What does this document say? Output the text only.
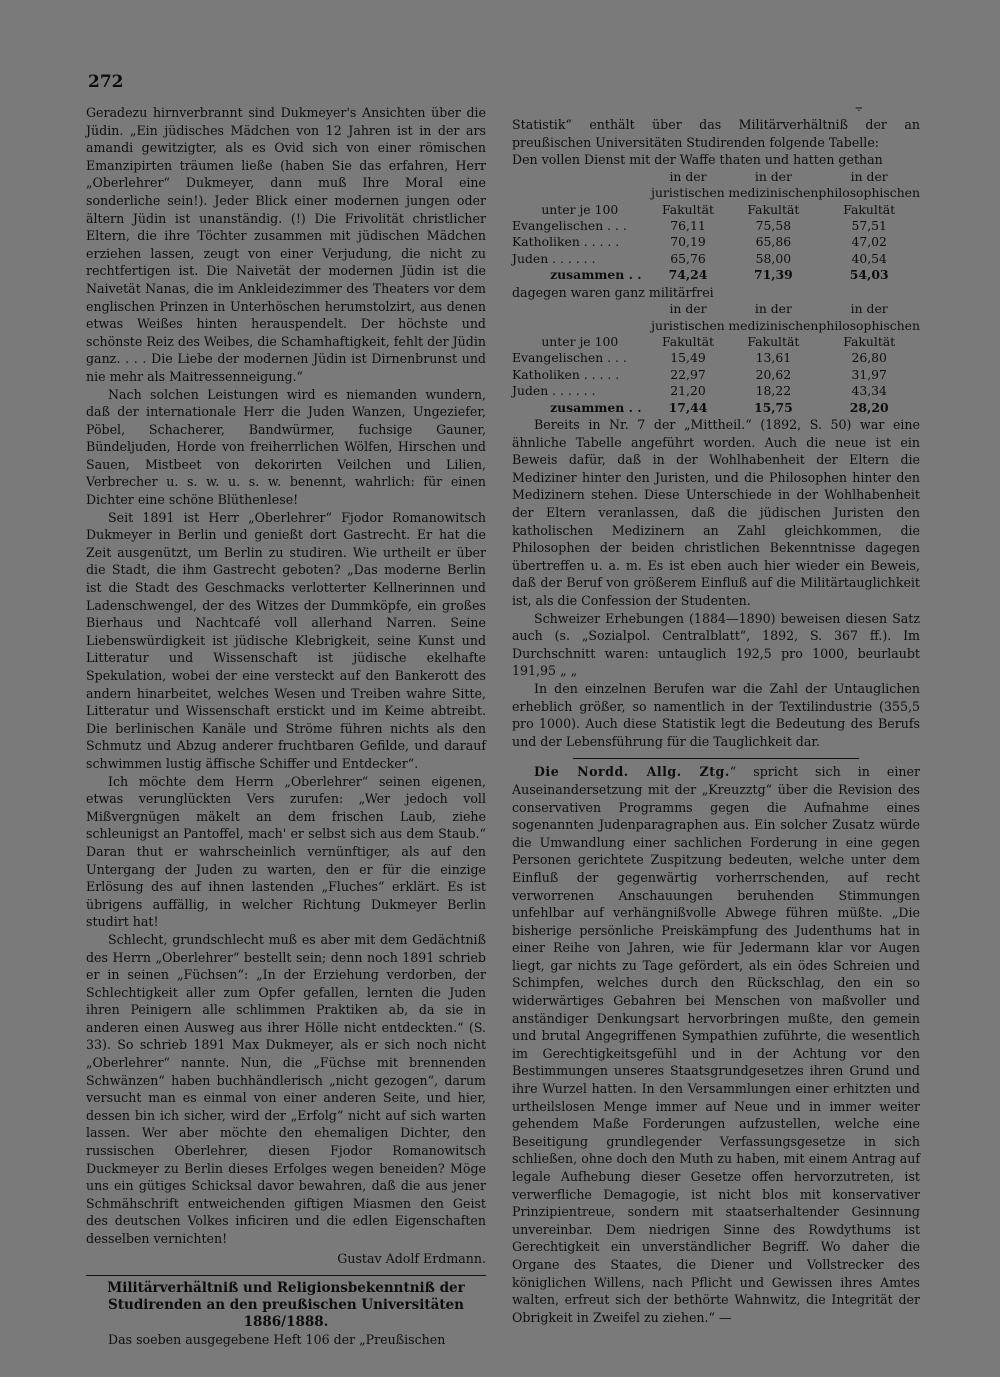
272
⨪

Geradezu hirnverbrannt sind Dukmeyer's Ansichten über die Jüdin. „Ein jüdisches Mädchen von 12 Jahren ist in der ars amandi gewitzigter, als es Ovid sich von einer römischen Emanzipirten träumen ließe (haben Sie das erfahren, Herr „Oberlehrer“ Dukmeyer, dann muß Ihre Moral eine sonderliche sein!). Jeder Blick einer modernen jungen oder ältern Jüdin ist unanständig. (!) Die Frivolität christlicher Eltern, die ihre Töchter zusammen mit jüdischen Mädchen erziehen lassen, zeugt von einer Verjudung, die nicht zu rechtfertigen ist. Die Naivetät der modernen Jüdin ist die Naivetät Nanas, die im Ankleidezimmer des Theaters vor dem englischen Prinzen in Unterhöschen herumstolzirt, aus denen etwas Weißes hinten herauspendelt. Der höchste und schönste Reiz des Weibes, die Schamhaftigkeit, fehlt der Jüdin ganz. . . . Die Liebe der modernen Jüdin ist Dirnenbrunst und nie mehr als Maitressenneigung.“

Nach solchen Leistungen wird es niemanden wundern, daß der internationale Herr die Juden Wanzen, Ungeziefer, Pöbel, Schacherer, Bandwürmer, fuchsige Gauner, Bündeljuden, Horde von freiherrlichen Wölfen, Hirschen und Sauen, Mistbeet von dekorirten Veilchen und Lilien, Verbrecher u. s. w. u. s. w. benennt, wahrlich: für einen Dichter eine schöne Blüthenlese!

Seit 1891 ist Herr „Oberlehrer“ Fjodor Romanowitsch Dukmeyer in Berlin und genießt dort Gastrecht. Er hat die Zeit ausgenützt, um Berlin zu studiren. Wie urtheilt er über die Stadt, die ihm Gastrecht geboten? „Das moderne Berlin ist die Stadt des Geschmacks verlotterter Kellnerinnen und Ladenschwengel, der des Witzes der Dummköpfe, ein großes Bierhaus und Nachtcafé voll allerhand Narren. Seine Liebenswürdigkeit ist jüdische Klebrigkeit, seine Kunst und Litteratur und Wissenschaft ist jüdische ekelhafte Spekulation, wobei der eine versteckt auf den Bankerott des andern hinarbeitet, welches Wesen und Treiben wahre Sitte, Litteratur und Wissenschaft erstickt und im Keime abtreibt. Die berlinischen Kanäle und Ströme führen nichts als den Schmutz und Abzug anderer fruchtbaren Gefilde, und darauf schwimmen lustig äffische Schiffer und Entdecker“.

Ich möchte dem Herrn „Oberlehrer“ seinen eigenen, etwas verunglückten Vers zurufen: „Wer jedoch voll Mißvergnügen mäkelt an dem frischen Laub, ziehe schleunigst an Pantoffel, mach' er selbst sich aus dem Staub.“ Daran thut er wahrscheinlich vernünftiger, als auf den Untergang der Juden zu warten, den er für die einzige Erlösung des auf ihnen lastenden „Fluches“ erklärt. Es ist übrigens auffällig, in welcher Richtung Dukmeyer Berlin studirt hat!

Schlecht, grundschlecht muß es aber mit dem Gedächtniß des Herrn „Oberlehrer“ bestellt sein; denn noch 1891 schrieb er in seinen „Füchsen“: „In der Erziehung verdorben, der Schlechtigkeit aller zum Opfer gefallen, lernten die Juden ihren Peinigern alle schlimmen Praktiken ab, da sie in anderen einen Ausweg aus ihrer Hölle nicht entdeckten.“ (S. 33). So schrieb 1891 Max Dukmeyer, als er sich noch nicht „Oberlehrer“ nannte. Nun, die „Füchse mit brennenden Schwänzen“ haben buchhändlerisch „nicht gezogen“, darum versucht man es einmal von einer anderen Seite, und hier, dessen bin ich sicher, wird der „Erfolg“ nicht auf sich warten lassen. Wer aber möchte den ehemaligen Dichter, den russischen Oberlehrer, diesen Fjodor Romanowitsch Duckmeyer zu Berlin dieses Erfolges wegen beneiden? Möge uns ein gütiges Schicksal davor bewahren, daß die aus jener Schmähschrift entweichenden giftigen Miasmen den Geist des deutschen Volkes inficiren und die edlen Eigenschaften desselben vernichten!

Gustav Adolf Erdmann.

Militärverhältniß und Religionsbekenntniß der Studirenden an den preußischen Universitäten 1886/1888.

Das soeben ausgegebene Heft 106 der „Preußischen

Statistik“ enthält über das Militärverhältniß der an preußischen Universitäten Studirenden folgende Tabelle:

Den vollen Dienst mit der Waffe thaten und hatten gethan

unter je 100	in der juristischen Fakultät	in der medizinischen Fakultät	in der philosophischen Fakultät
Evangelischen . . .	76,11	75,58	57,51
Katholiken . . . . .	70,19	65,86	47,02
Juden . . . . . .	65,76	58,00	40,54
zusammen . .	74,24	71,39	54,03

dagegen waren ganz militärfrei

unter je 100	in der juristischen Fakultät	in der medizinischen Fakultät	in der philosophischen Fakultät
Evangelischen . . .	15,49	13,61	26,80
Katholiken . . . . .	22,97	20,62	31,97
Juden . . . . . .	21,20	18,22	43,34
zusammen . .	17,44	15,75	28,20

Bereits in Nr. 7 der „Mittheil.“ (1892, S. 50) war eine ähnliche Tabelle angeführt worden. Auch die neue ist ein Beweis dafür, daß in der Wohlhabenheit der Eltern die Mediziner hinter den Juristen, und die Philosophen hinter den Medizinern stehen. Diese Unterschiede in der Wohlhabenheit der Eltern veranlassen, daß die jüdischen Juristen den katholischen Medizinern an Zahl gleichkommen, die Philosophen der beiden christlichen Bekenntnisse dagegen übertreffen u. a. m. Es ist eben auch hier wieder ein Beweis, daß der Beruf von größerem Einfluß auf die Militärtauglichkeit ist, als die Confession der Studenten.

Schweizer Erhebungen (1884—1890) beweisen diesen Satz auch (s. „Sozialpol. Centralblatt“, 1892, S. 367 ff.). Im Durchschnitt waren: untauglich 192,5 pro 1000, beurlaubt 191,95 „ „

In den einzelnen Berufen war die Zahl der Untauglichen erheblich größer, so namentlich in der Textilindustrie (355,5 pro 1000). Auch diese Statistik legt die Bedeutung des Berufs und der Lebensführung für die Tauglichkeit dar.

Die Nordd. Allg. Ztg.“ spricht sich in einer Auseinandersetzung mit der „Kreuzztg“ über die Revision des conservativen Programms gegen die Aufnahme eines sogenannten Judenparagraphen aus. Ein solcher Zusatz würde die Umwandlung einer sachlichen Forderung in eine gegen Personen gerichtete Zuspitzung bedeuten, welche unter dem Einfluß der gegenwärtig vorherrschenden, auf recht verworrenen Anschauungen beruhenden Stimmungen unfehlbar auf verhängnißvolle Abwege führen müßte. „Die bisherige persönliche Preiskämpfung des Judenthums hat in einer Reihe von Jahren, wie für Jedermann klar vor Augen liegt, gar nichts zu Tage gefördert, als ein ödes Schreien und Schimpfen, welches durch den Rückschlag, den ein so widerwärtiges Gebahren bei Menschen von maßvoller und anständiger Denkungsart hervorbringen mußte, den gemein und brutal Angegriffenen Sympathien zuführte, die wesentlich im Gerechtigkeitsgefühl und in der Achtung vor den Bestimmungen unseres Staatsgrundgesetzes ihren Grund und ihre Wurzel hatten. In den Versammlungen einer erhitzten und urtheilslosen Menge immer auf Neue und in immer weiter gehendem Maße Forderungen aufzustellen, welche eine Beseitigung grundlegender Verfassungsgesetze in sich schließen, ohne doch den Muth zu haben, mit einem Antrag auf legale Aufhebung dieser Gesetze offen hervorzutreten, ist verwerfliche Demagogie, ist nicht blos mit konservativer Prinzipientreue, sondern mit staatserhaltender Gesinnung unvereinbar. Dem niedrigen Sinne des Rowdythums ist Gerechtigkeit ein unverständlicher Begriff. Wo daher die Organe des Staates, die Diener und Vollstrecker des königlichen Willens, nach Pflicht und Gewissen ihres Amtes walten, erfreut sich der bethörte Wahnwitz, die Integrität der Obrigkeit in Zweifel zu ziehen.“ —
